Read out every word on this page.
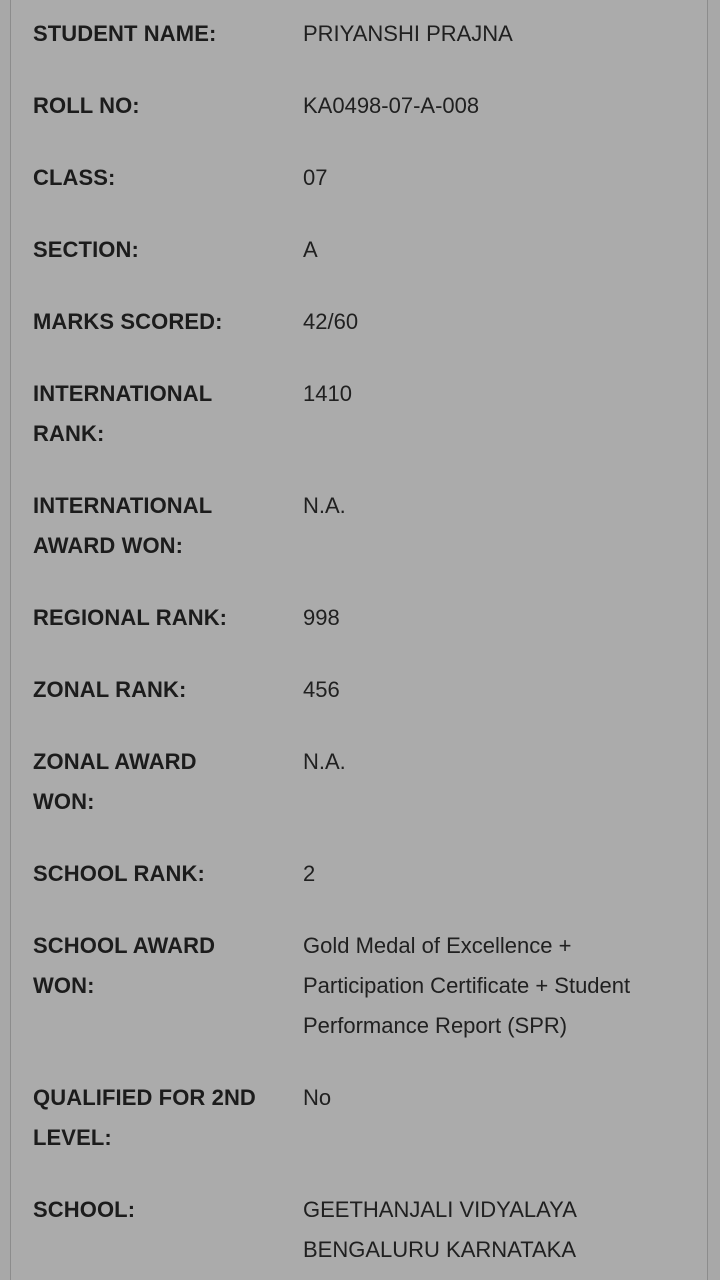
STUDENT NAME:	PRIYANSHI PRAJNA
ROLL NO:	KA0498-07-A-008
CLASS:	07
SECTION:	A
MARKS SCORED:	42/60
INTERNATIONAL RANK:
1410
INTERNATIONAL AWARD WON:
N.A.
REGIONAL RANK:	998
ZONAL RANK:	456
ZONAL AWARD WON:
N.A.
SCHOOL RANK:	2
SCHOOL AWARD WON:
Gold Medal of Excellence + Participation Certificate + Student Performance Report (SPR)
QUALIFIED FOR 2ND LEVEL:
No
SCHOOL:	GEETHANJALI VIDYALAYA BENGALURU KARNATAKA
